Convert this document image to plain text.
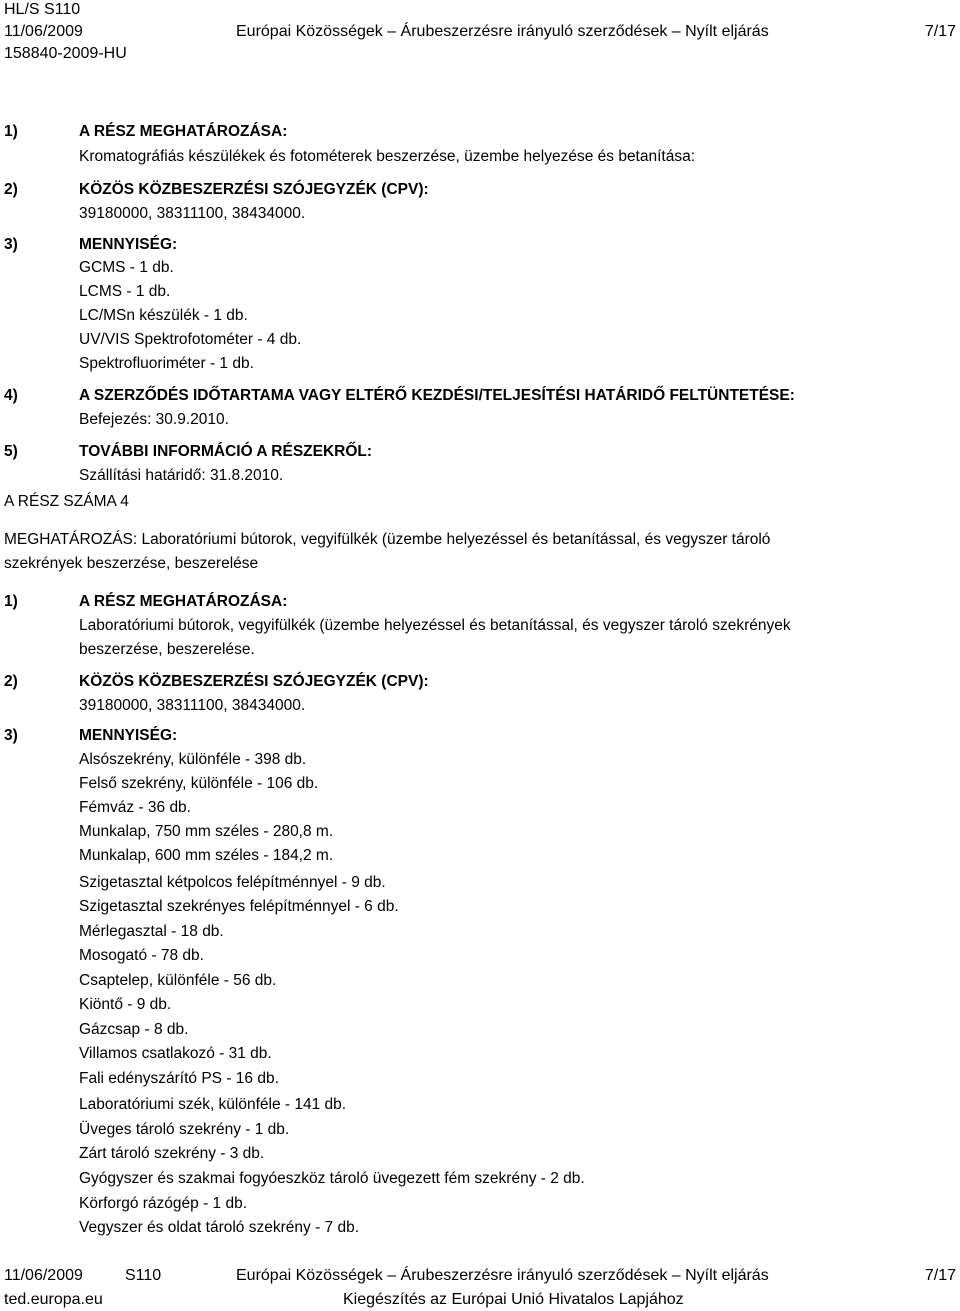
HL/S S110
11/06/2009
158840-2009-HU
Európai Közösségek – Árubeszerzésre irányuló szerződések – Nyílt eljárás	7/17
1)	A RÉSZ MEGHATÁROZÁSA:
Kromatográfiás készülékek és fotométerek beszerzése, üzembe helyezése és betanítása:
2)	KÖZÖS KÖZBESZERZÉSI SZÓJEGYZÉK (CPV):
39180000, 38311100, 38434000.
3)	MENNYISÉG:
GCMS - 1 db.
LCMS - 1 db.
LC/MSn készülék - 1 db.
UV/VIS Spektrofotométer - 4 db.
Spektrofluoriméter - 1 db.
4)	A SZERZŐDÉS IDŐTARTAMA VAGY ELTÉRŐ KEZDÉSI/TELJESÍTÉSI HATÁRIDŐ FELTÜNTETÉSE:
Befejezés: 30.9.2010.
5)	TOVÁBBI INFORMÁCIÓ A RÉSZEKRŐL:
Szállítási határidő: 31.8.2010.
A RÉSZ SZÁMA 4
MEGHATÁROZÁS: Laboratóriumi bútorok, vegyifülkék (üzembe helyezéssel és betanítással, és vegyszer tároló
szekrények beszerzése, beszerelése
1)	A RÉSZ MEGHATÁROZÁSA:
Laboratóriumi bútorok, vegyifülkék (üzembe helyezéssel és betanítással, és vegyszer tároló szekrények
beszerzése, beszerelése.
2)	KÖZÖS KÖZBESZERZÉSI SZÓJEGYZÉK (CPV):
39180000, 38311100, 38434000.
3)	MENNYISÉG:
Alsószekrény, különféle - 398 db.
Felső szekrény, különféle - 106 db.
Fémváz - 36 db.
Munkalap, 750 mm széles - 280,8 m.
Munkalap, 600 mm széles - 184,2 m.
Szigetasztal kétpolcos felépítménnyel - 9 db.
Szigetasztal szekrényes felépítménnyel - 6 db.
Mérlegasztal - 18 db.
Mosogató - 78 db.
Csaptelep, különféle - 56 db.
Kiöntő - 9 db.
Gázcsap - 8 db.
Villamos csatlakozó - 31 db.
Fali edényszárító PS - 16 db.
Laboratóriumi szék, különféle - 141 db.
Üveges tároló szekrény - 1 db.
Zárt tároló szekrény - 3 db.
Gyógyszer és szakmai fogyóeszköz tároló üvegezett fém szekrény - 2 db.
Körforgó rázógép - 1 db.
Vegyszer és oldat tároló szekrény - 7 db.
11/06/2009	S110	Európai Közösségek – Árubeszerzésre irányuló szerződések – Nyílt eljárás	7/17
ted.europa.eu	Kiegészítés az Európai Unió Hivatalos Lapjához
